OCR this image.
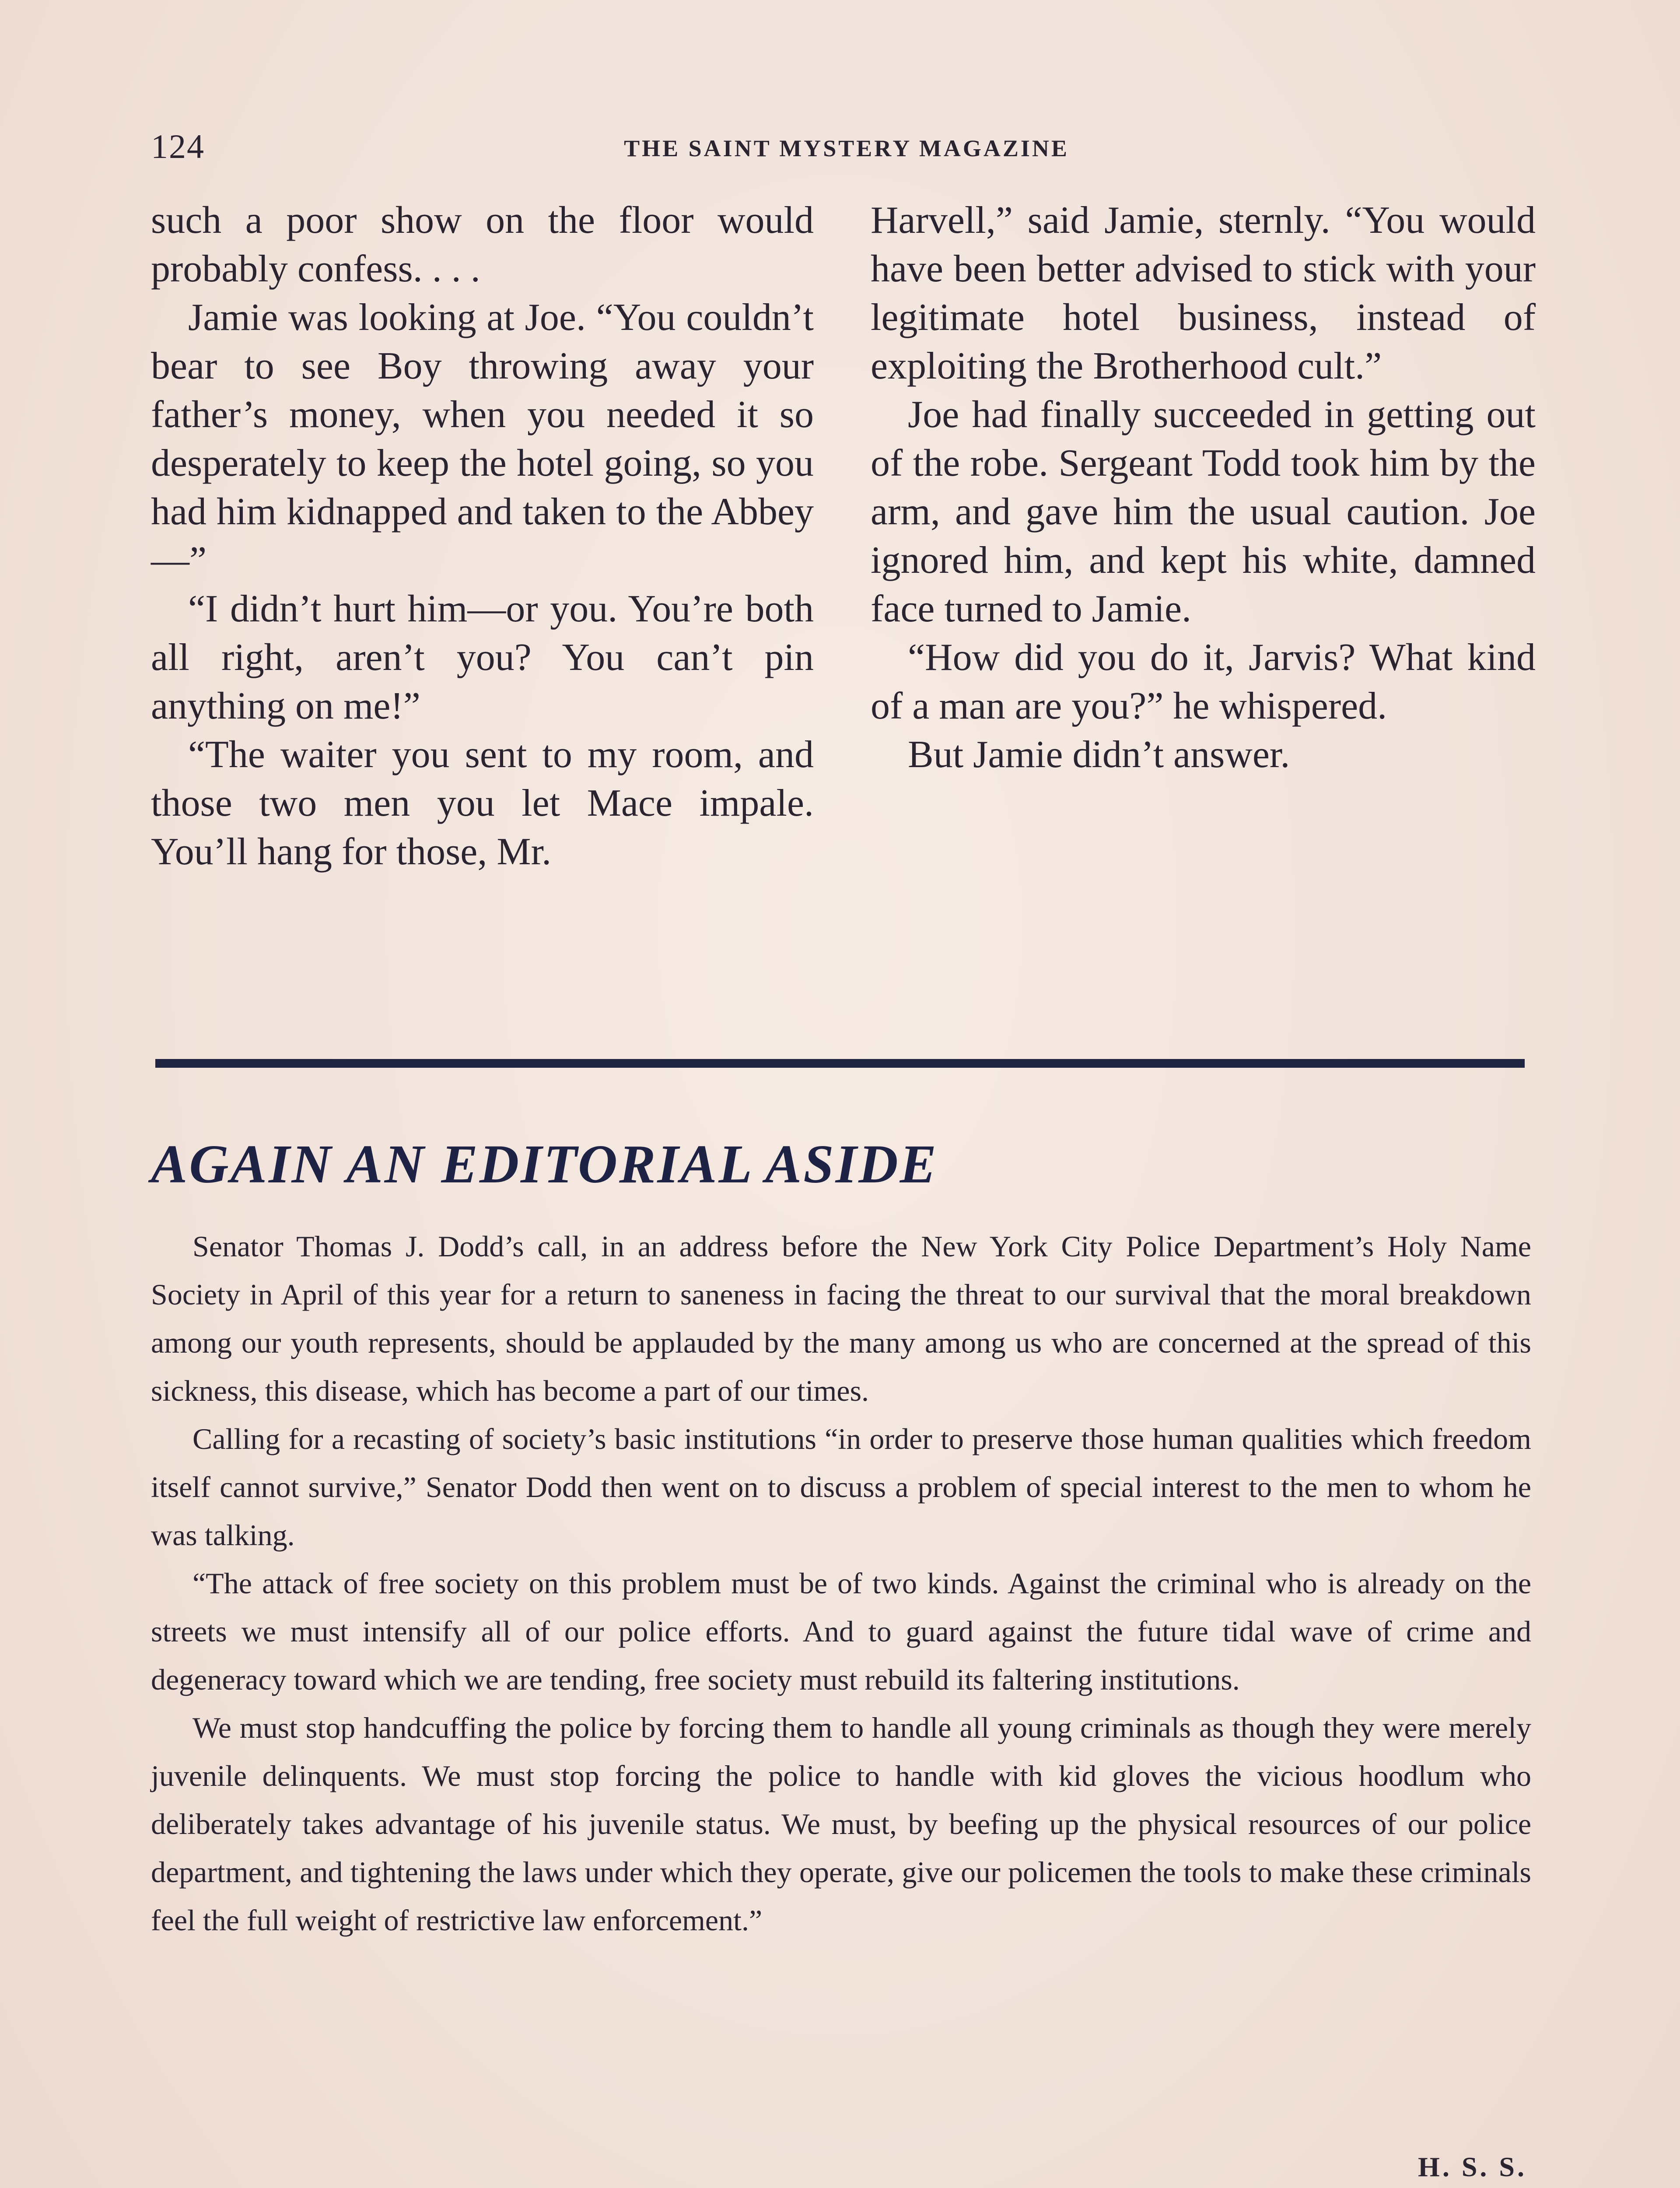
124	THE SAINT MYSTERY MAGAZINE

such a poor show on the floor would probably confess. . . .

Jamie was looking at Joe. “You couldn’t bear to see Boy throwing away your father’s money, when you needed it so desperately to keep the hotel going, so you had him kidnapped and taken to the Abbey—”

“I didn’t hurt him—or you. You’re both all right, aren’t you? You can’t pin anything on me!”

“The waiter you sent to my room, and those two men you let Mace impale. You’ll hang for those, Mr.

Harvell,” said Jamie, sternly. “You would have been better advised to stick with your legitimate hotel business, instead of exploiting the Brotherhood cult.”

Joe had finally succeeded in getting out of the robe. Sergeant Todd took him by the arm, and gave him the usual caution. Joe ignored him, and kept his white, damned face turned to Jamie.

“How did you do it, Jarvis? What kind of a man are you?” he whispered.

But Jamie didn’t answer.

AGAIN AN EDITORIAL ASIDE

Senator Thomas J. Dodd’s call, in an address before the New York City Police Department’s Holy Name Society in April of this year for a return to saneness in facing the threat to our survival that the moral breakdown among our youth represents, should be applauded by the many among us who are concerned at the spread of this sickness, this disease, which has become a part of our times.

Calling for a recasting of society’s basic institutions “in order to preserve those human qualities which freedom itself cannot survive,” Senator Dodd then went on to discuss a problem of special interest to the men to whom he was talking.

“The attack of free society on this problem must be of two kinds. Against the criminal who is already on the streets we must intensify all of our police efforts. And to guard against the future tidal wave of crime and degeneracy toward which we are tending, free society must rebuild its faltering institutions.

We must stop handcuffing the police by forcing them to handle all young criminals as though they were merely juvenile delinquents. We must stop forcing the police to handle with kid gloves the vicious hoodlum who deliberately takes advantage of his juvenile status. We must, by beefing up the physical resources of our police department, and tightening the laws under which they operate, give our policemen the tools to make these criminals feel the full weight of restrictive law enforcement.”

H. S. S.
